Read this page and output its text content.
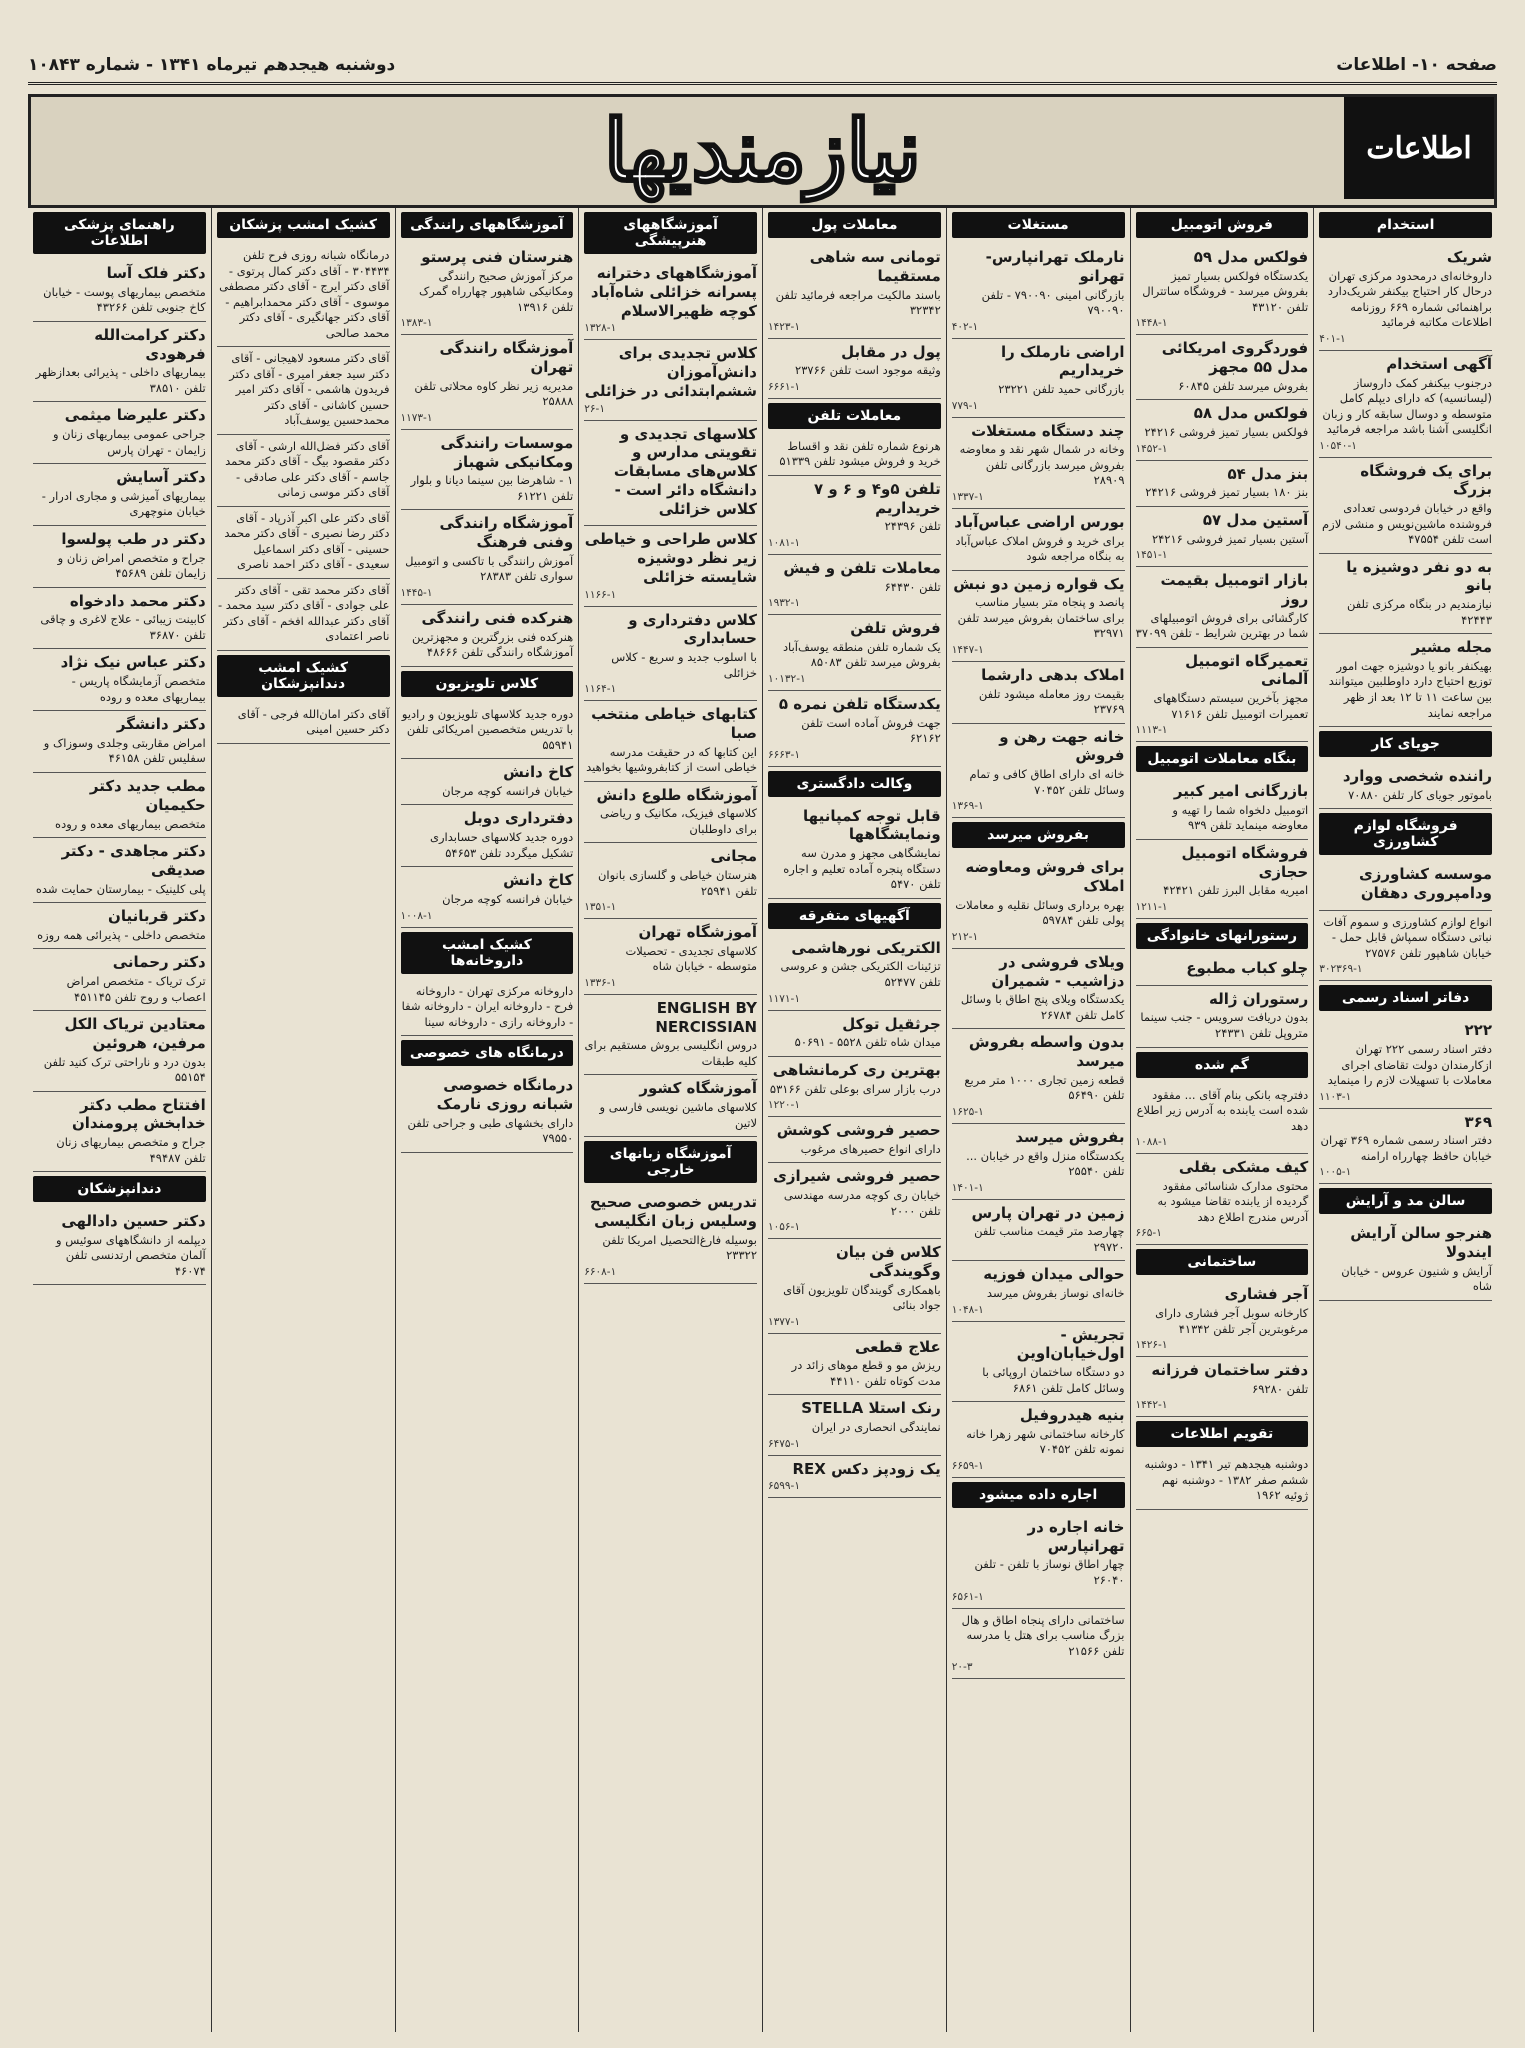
صفحه ۱۰- اطلاعات
دوشنبه هیجدهم تیرماه ۱۳۴۱ - شماره ۱۰۸۴۳
اطلاعات
نیازمندیها
استخدام
شریک
داروخانه‌ای درمحدود مرکزی تهران درحال کار احتیاج بیکنفر شریک‌دارد براهنمائی شماره ۶۶۹ روزنامه اطلاعات مکاتبه فرمائید
۴۰۱-۱
آگهی استخدام
درجنوب بیکنفر کمک داروساز (لیسانسیه) که دارای دیپلم کامل متوسطه و دوسال سابقه کار و زبان انگلیسی آشنا باشد مراجعه فرمائید
۱۰۵۴۰-۱
برای یک فروشگاه بزرگ
واقع در خیابان فردوسی تعدادی فروشنده ماشین‌نویس و منشی لازم است تلفن ۴۷۵۵۴
به دو نفر دوشیزه یا بانو
نیازمندیم در بنگاه مرکزی تلفن ۴۲۴۴۳
مجله مشیر
بهیکنفر بانو یا دوشیزه جهت امور توزیع احتیاج دارد داوطلبین میتوانند بین ساعت ۱۱ تا ۱۲ بعد از ظهر مراجعه نمایند
جویای کار
راننده شخصی ووارد
باموتور جویای کار تلفن ۷۰۸۸۰
فروشگاه لوازم کشاورزی
موسسه کشاورزی ودامپروری دهقان
انواع لوازم کشاورزی و سموم آفات نباتی دستگاه سمپاش قابل حمل - خیابان شاهپور تلفن ۲۷۵۷۶
۳۰۲۳۶۹-۱
دفاتر اسناد رسمی
۲۲۲
دفتر اسناد رسمی ۲۲۲ تهران ازکارمندان دولت تقاضای اجرای معاملات با تسهیلات لازم را مینماید
۱۱۰۳-۱
۳۶۹
دفتر اسناد رسمی شماره ۳۶۹ تهران خیابان حافظ چهارراه ارامنه
۱۰۰۵-۱
سالن مد و آرایش
هنرجو سالن آرایش ایندولا
آرایش و شنیون عروس - خیابان شاه
فروش اتومبیل
فولکس مدل ۵۹
یکدستگاه فولکس بسیار تمیز بفروش میرسد - فروشگاه ساتترال تلفن ۴۳۱۲۰
۱۴۴۸-۱
فوردگروی امریکائی مدل ۵۵ مجهز
بفروش میرسد تلفن ۶۰۸۴۵
فولکس مدل ۵۸
فولکس بسیار تمیز فروشی ۲۴۲۱۶
۱۴۵۲-۱
بنز مدل ۵۴
بنز ۱۸۰ بسیار تمیز فروشی ۲۴۲۱۶
آستین مدل ۵۷
آستین بسیار تمیز فروشی ۲۴۲۱۶
۱۴۵۱-۱
بازار اتومبیل بقیمت روز
کارگشائی برای فروش اتومبیلهای شما در بهترین شرایط - تلفن ۳۷۰۹۹
تعمیرگاه اتومبیل آلمانی
مجهز بآخرین سیستم دستگاههای تعمیرات اتومبیل تلفن ۷۱۶۱۶
۱۱۱۳-۱
بنگاه معاملات اتومبیل
بازرگانی امیر کبیر
اتومبیل دلخواه شما را تهیه و معاوضه مینماید تلفن ۹۳۹
فروشگاه اتومبیل حجازی
امیریه مقابل البرز تلفن ۴۲۴۲۱
۱۲۱۱-۱
رستورانهای خانوادگی
چلو کباب مطبوع
رستوران ژاله
بدون دریافت سرویس - جنب سینما متروپل تلفن ۲۴۳۳۱
گم شده
دفترچه بانکی بنام آقای ... مفقود شده است یابنده به آدرس زیر اطلاع دهد
۱۰۸۸-۱
کیف مشکی بقلی
محتوی مدارک شناسائی مفقود گردیده از یابنده تقاضا میشود به آدرس مندرج اطلاع دهد
۶۶۵-۱
ساختمانی
آجر فشاری
کارخانه سوبل آجر فشاری دارای مرغوبترین آجر تلفن ۴۱۳۴۲
۱۴۲۶-۱
دفتر ساختمان فرزانه
تلفن ۶۹۲۸۰
۱۴۴۲-۱
تقویم اطلاعات
دوشنبه هیجدهم تیر ۱۳۴۱ - دوشنبه ششم صفر ۱۳۸۲ - دوشنبه نهم ژوئیه ۱۹۶۲
مستغلات
نارملک تهرانپارس-تهرانو
بازرگانی امینی ۷۹۰۰۹۰ - تلفن ۷۹۰۰۹۰
۴۰۲-۱
اراضی نارملک را خریداریم
بازرگانی حمید تلفن ۲۳۲۲۱
۷۷۹-۱
چند دستگاه مستغلات
وخانه در شمال شهر نقد و معاوضه بفروش میرسد بازرگانی تلفن ۲۸۹۰۹
۱۳۳۷-۱
بورس اراضی عباس‌آباد
برای خرید و فروش املاک عباس‌آباد به بنگاه مراجعه شود
یک قواره زمین دو نبش
پانصد و پنجاه متر بسیار مناسب برای ساختمان بفروش میرسد تلفن ۳۲۹۷۱
۱۴۴۷-۱
املاک بدهی دارشما
بقیمت روز معامله میشود تلفن ۲۳۷۶۹
خانه جهت رهن و فروش
خانه ای دارای اطاق کافی و تمام وسائل تلفن ۷۰۴۵۲
۱۳۶۹-۱
بفروش میرسد
برای فروش ومعاوضه املاک
بهره برداری وسائل نقلیه و معاملات پولی تلفن ۵۹۷۸۴
۲۱۲-۱
ویلای فروشی در دزاشیب - شمیران
یکدستگاه ویلای پنج اطاق با وسائل کامل تلفن ۲۶۷۸۴
بدون واسطه بفروش میرسد
قطعه زمین تجاری ۱۰۰۰ متر مربع تلفن ۵۶۴۹۰
۱۶۲۵-۱
بفروش میرسد
یکدستگاه منزل واقع در خیابان ... تلفن ۲۵۵۴۰
۱۴۰۱-۱
زمین در تهران پارس
چهارصد متر قیمت مناسب تلفن ۲۹۷۲۰
حوالی میدان فوزیه
خانه‌ای نوساز بفروش میرسد
۱۰۴۸-۱
تجریش - اول‌خیابان‌اوین
دو دستگاه ساختمان اروپائی با وسائل کامل تلفن ۶۸۶۱
بنیه هیدروفیل
کارخانه ساختمانی شهر زهرا خانه نمونه تلفن ۷۰۴۵۲
۶۶۵۹-۱
اجاره داده میشود
خانه اجاره در تهرانپارس
چهار اطاق نوساز با تلفن - تلفن ۲۶۰۴۰
۶۵۶۱-۱
ساختمانی دارای پنجاه اطاق و هال بزرگ مناسب برای هتل یا مدرسه تلفن ۲۱۵۶۶
۲۰-۳
معاملات پول
تومانی سه شاهی مستقیما
باسند مالکیت مراجعه فرمائید تلفن ۳۲۳۴۲
۱۴۲۳-۱
پول در مقابل
وثیقه موجود است تلفن ۲۳۷۶۶
۶۶۶۱-۱
معاملات تلفن
هرنوع شماره تلفن نقد و اقساط خرید و فروش میشود تلفن ۵۱۳۳۹
تلفن ۵و۴ و ۶ و ۷ خریداریم
تلفن ۲۴۳۹۶
۱۰۸۱-۱
معاملات تلفن و فیش
تلفن ۶۴۴۳۰
۱۹۳۲-۱
فروش تلفن
یک شماره تلفن منطقه یوسف‌آباد بفروش میرسد تلفن ۸۵۰۸۳
۱۰۱۳۲-۱
یکدستگاه تلفن نمره ۵
جهت فروش آماده است تلفن ۶۲۱۶۲
۶۶۶۳-۱
وکالت دادگستری
قابل توجه کمپانیها ونمایشگاهها
نمایشگاهی مجهز و مدرن سه دستگاه پنجره آماده تعلیم و اجاره تلفن ۵۴۷۰
آگهیهای متفرقه
الکتریکی نورهاشمی
تزئینات الکتریکی جشن و عروسی تلفن ۵۲۴۷۷
۱۱۷۱-۱
جرثقیل توکل
میدان شاه تلفن ۵۵۲۸ - ۵۰۶۹۱
بهترین ری کرمانشاهی
درب بازار سرای بوعلی تلفن ۵۳۱۶۶
۱۲۲۰-۱
حصیر فروشی کوشش
دارای انواع حصیرهای مرغوب
حصیر فروشی شیرازی
خیابان ری کوچه مدرسه مهندسی تلفن ۲۰۰۰
۱۰۵۶-۱
کلاس فن بیان وگویندگی
باهمکاری گویندگان تلویزیون آقای جواد بنائی
۱۳۷۷-۱
علاج قطعی
ریزش مو و قطع موهای زائد در مدت کوتاه تلفن ۴۴۱۱۰
رنک استلا STELLA
نمایندگی انحصاری در ایران
۶۴۷۵-۱
یک زودپز دکس REX
۶۵۹۹-۱
آموزشگاههای هنرپیشگی
آموزشگاههای دخترانه پسرانه خزائلی شاه‌آباد کوچه ظهیرالاسلام
۱۳۲۸-۱
کلاس تجدیدی برای دانش‌آموزان ششم‌ابتدائی در خزائلی
۲۶-۱
کلاسهای تجدیدی و تقویتی مدارس و کلاس‌های مسابقات دانشگاه دائر است - کلاس خزائلی
کلاس طراحی و خیاطی زیر نظر دوشیزه شایسته خزائلی
۱۱۶۶-۱
کلاس دفترداری و حسابداری
با اسلوب جدید و سریع - کلاس خزائلی
۱۱۶۴-۱
کتابهای خیاطی منتخب صبا
این کتابها که در حقیقت مدرسه خیاطی است از کتابفروشیها بخواهید
آموزشگاه طلوع دانش
کلاسهای فیزیک، مکانیک و ریاضی برای داوطلبان
مجانی
هنرستان خیاطی و گلسازی بانوان تلفن ۲۵۹۴۱
۱۳۵۱-۱
آموزشگاه تهران
کلاسهای تجدیدی - تحصیلات متوسطه - خیابان شاه
۱۳۳۶-۱
ENGLISH BY NERCISSIAN
دروس انگلیسی بروش مستقیم برای کلیه طبقات
آموزشگاه کشور
کلاسهای ماشین نویسی فارسی و لاتین
آموزشگاه زبانهای خارجی
تدریس خصوصی صحیح وسلیس زبان انگلیسی
بوسیله فارغ‌التحصیل امریکا تلفن ۲۳۳۲۲
۶۶۰۸-۱
آموزشگاههای رانندگی
هنرستان فنی پرستو
مرکز آموزش صحیح رانندگی ومکانیکی شاهپور چهارراه گمرک تلفن ۱۳۹۱۶
۱۳۸۳-۱
آموزشگاه رانندگی تهران
مدیریه زیر نظر کاوه محلاتی تلفن ۲۵۸۸۸
۱۱۷۳-۱
موسسات رانندگی ومکانیکی شهباز
۱ - شاهرضا بین سینما دیانا و بلوار تلفن ۶۱۲۲۱
آموزشگاه رانندگی وفنی فرهنگ
آموزش رانندگی با تاکسی و اتومبیل سواری تلفن ۲۸۳۸۳
۱۴۴۵-۱
هنرکده فنی رانندگی
هنرکده فنی بزرگترین و مجهزترین آموزشگاه رانندگی تلفن ۴۸۶۶۶
کلاس تلویزیون
دوره جدید کلاسهای تلویزیون و رادیو با تدریس متخصصین امریکائی تلفن ۵۵۹۴۱
کاخ دانش
خیابان فرانسه کوچه مرجان
دفترداری دوبل
دوره جدید کلاسهای حسابداری تشکیل میگردد تلفن ۵۴۶۵۳
کاخ دانش
خیابان فرانسه کوچه مرجان
۱۰۰۸-۱
کشیک امشب داروخانه‌ها
داروخانه مرکزی تهران - داروخانه فرح - داروخانه ایران - داروخانه شفا - داروخانه رازی - داروخانه سینا
درمانگاه های خصوصی
درمانگاه خصوصی شبانه روزی نارمک
دارای بخشهای طبی و جراحی تلفن ۷۹۵۵۰
کشیک امشب پزشکان
درمانگاه شبانه روزی فرح تلفن ۳۰۴۴۳۴ - آقای دکتر کمال پرتوی - آقای دکتر ایرج - آقای دکتر مصطفی موسوی - آقای دکتر محمدابراهیم - آقای دکتر جهانگیری - آقای دکتر محمد صالحی
آقای دکتر مسعود لاهیجانی - آقای دکتر سید جعفر امیری - آقای دکتر فریدون هاشمی - آقای دکتر امیر حسین کاشانی - آقای دکتر محمدحسین یوسف‌آباد
آقای دکتر فضل‌الله ارشی - آقای دکتر مقصود بیگ - آقای دکتر محمد جاسم - آقای دکتر علی صادقی - آقای دکتر موسی زمانی
آقای دکتر علی اکبر آذرپاد - آقای دکتر رضا نصیری - آقای دکتر محمد حسینی - آقای دکتر اسماعیل سعیدی - آقای دکتر احمد ناصری
آقای دکتر محمد تقی - آقای دکتر علی جوادی - آقای دکتر سید محمد - آقای دکتر عبدالله افخم - آقای دکتر ناصر اعتمادی
کشیک امشب دندانپزشکان
آقای دکتر امان‌الله فرجی - آقای دکتر حسین امینی
راهنمای پزشکی اطلاعات
دکتر فلک آسا
متخصص بیماریهای پوست - خیابان کاخ جنوبی تلفن ۴۳۲۶۶
دکتر کرامت‌الله فرهودی
بیماریهای داخلی - پذیرائی بعدازظهر تلفن ۳۸۵۱۰
دکتر علیرضا میثمی
جراحی عمومی بیماریهای زنان و زایمان - تهران پارس
دکتر آسایش
بیماریهای آمیزشی و مجاری ادرار - خیابان منوچهری
دکتر در طب پولسوا
جراح و متخصص امراض زنان و زایمان تلفن ۴۵۶۸۹
دکتر محمد دادخواه
کابینت زیبائی - علاج لاغری و چاقی تلفن ۳۶۸۷۰
دکتر عباس نیک نژاد
متخصص آزمایشگاه پاریس - بیماریهای معده و روده
دکتر دانشگر
امراض مقاربتی وجلدی وسوزاک و سفلیس تلفن ۴۶۱۵۸
مطب جدید دکتر حکیمیان
متخصص بیماریهای معده و روده
دکتر مجاهدی - دکتر صدیقی
پلی کلینیک - بیمارستان حمایت شده
دکتر قربانیان
متخصص داخلی - پذیرائی همه روزه
دکتر رحمانی
ترک تریاک - متخصص امراض اعصاب و روح تلفن ۴۵۱۱۴۵
معتادین تریاک الکل مرفین، هروئین
بدون درد و ناراحتی ترک کنید تلفن ۵۵۱۵۴
افتتاح مطب دکتر خدابخش پرومندان
جراح و متخصص بیماریهای زنان تلفن ۴۹۴۸۷
دندانپزشکان
دکتر حسین دادالهی
دیپلمه از دانشگاههای سوئیس و آلمان متخصص ارتدنسی تلفن ۴۶۰۷۴
